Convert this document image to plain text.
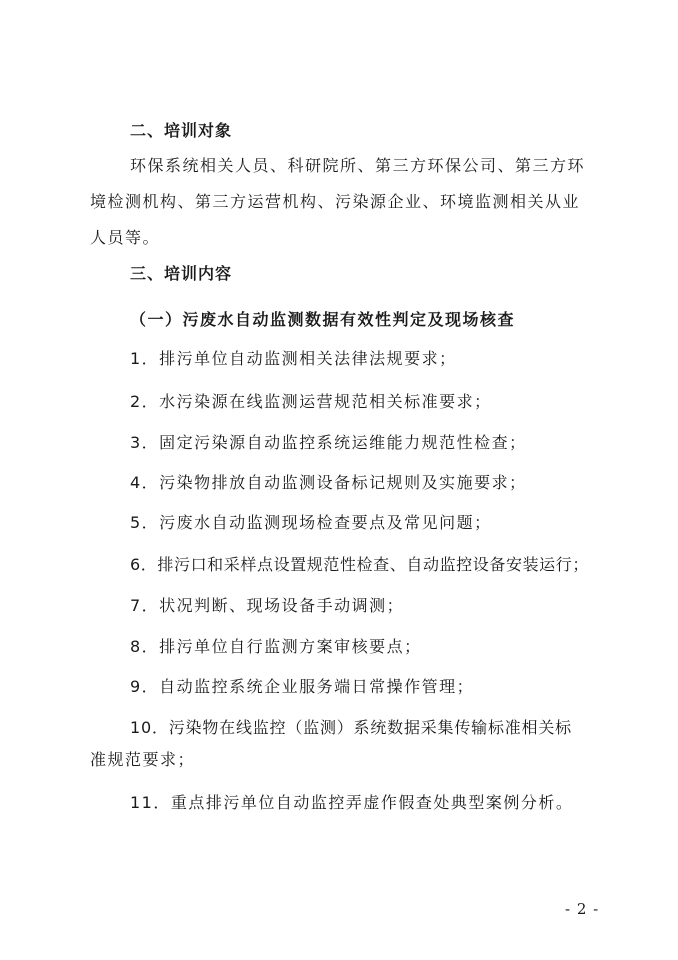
二、培训对象
环保系统相关人员、科研院所、第三方环保公司、第三方环
境检测机构、第三方运营机构、污染源企业、环境监测相关从业
人员等。
三、培训内容
（一）污废水自动监测数据有效性判定及现场核查
1．排污单位自动监测相关法律法规要求；
2．水污染源在线监测运营规范相关标准要求；
3．固定污染源自动监控系统运维能力规范性检查；
4．污染物排放自动监测设备标记规则及实施要求；
5．污废水自动监测现场检查要点及常见问题；
6．排污口和采样点设置规范性检查、自动监控设备安装运行；
7．状况判断、现场设备手动调测；
8．排污单位自行监测方案审核要点；
9．自动监控系统企业服务端日常操作管理；
10．污染物在线监控（监测）系统数据采集传输标准相关标
准规范要求；
11．重点排污单位自动监控弄虚作假查处典型案例分析。
- 2 -
